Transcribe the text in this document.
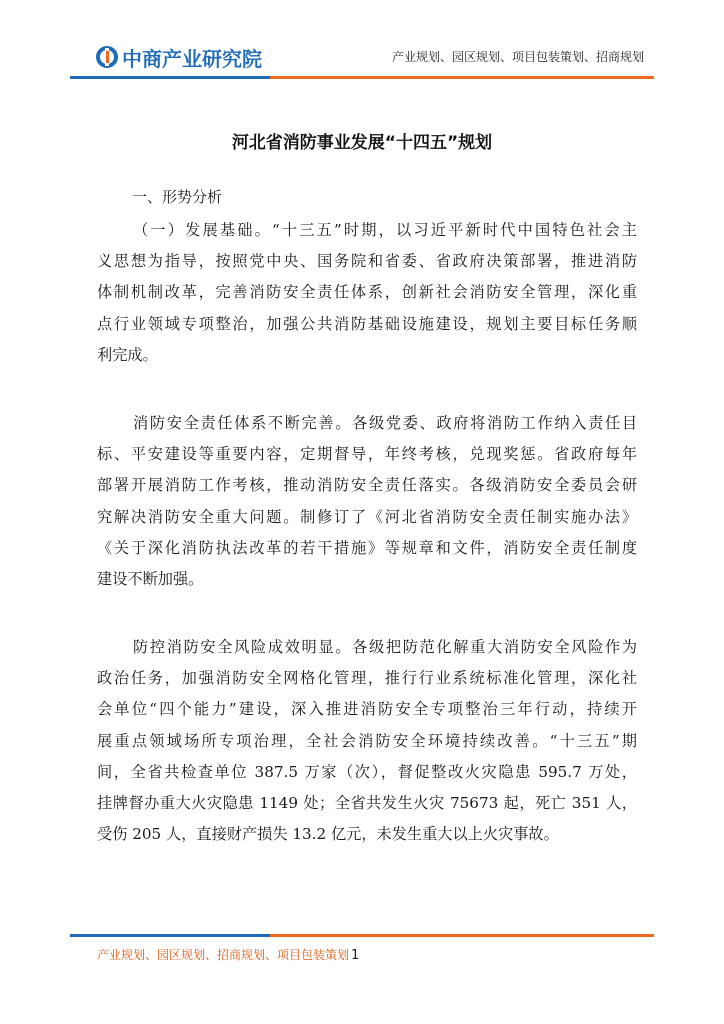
中商产业研究院	产业规划、园区规划、项目包装策划、招商规划
河北省消防事业发展“十四五”规划
一、形势分析
（一）发展基础。“十三五”时期，以习近平新时代中国特色社会主
义思想为指导，按照党中央、国务院和省委、省政府决策部署，推进消防
体制机制改革，完善消防安全责任体系，创新社会消防安全管理，深化重
点行业领域专项整治，加强公共消防基础设施建设，规划主要目标任务顺
利完成。
消防安全责任体系不断完善。各级党委、政府将消防工作纳入责任目
标、平安建设等重要内容，定期督导，年终考核，兑现奖惩。省政府每年
部署开展消防工作考核，推动消防安全责任落实。各级消防安全委员会研
究解决消防安全重大问题。制修订了《河北省消防安全责任制实施办法》
《关于深化消防执法改革的若干措施》等规章和文件，消防安全责任制度
建设不断加强。
防控消防安全风险成效明显。各级把防范化解重大消防安全风险作为
政治任务，加强消防安全网格化管理，推行行业系统标准化管理，深化社
会单位“四个能力”建设，深入推进消防安全专项整治三年行动，持续开
展重点领域场所专项治理，全社会消防安全环境持续改善。“十三五”期
间，全省共检查单位 387.5 万家（次），督促整改火灾隐患 595.7 万处，
挂牌督办重大火灾隐患 1149 处；全省共发生火灾 75673 起，死亡 351 人，
受伤 205 人，直接财产损失 13.2 亿元，未发生重大以上火灾事故。
产业规划、园区规划、招商规划、项目包装策划 1
